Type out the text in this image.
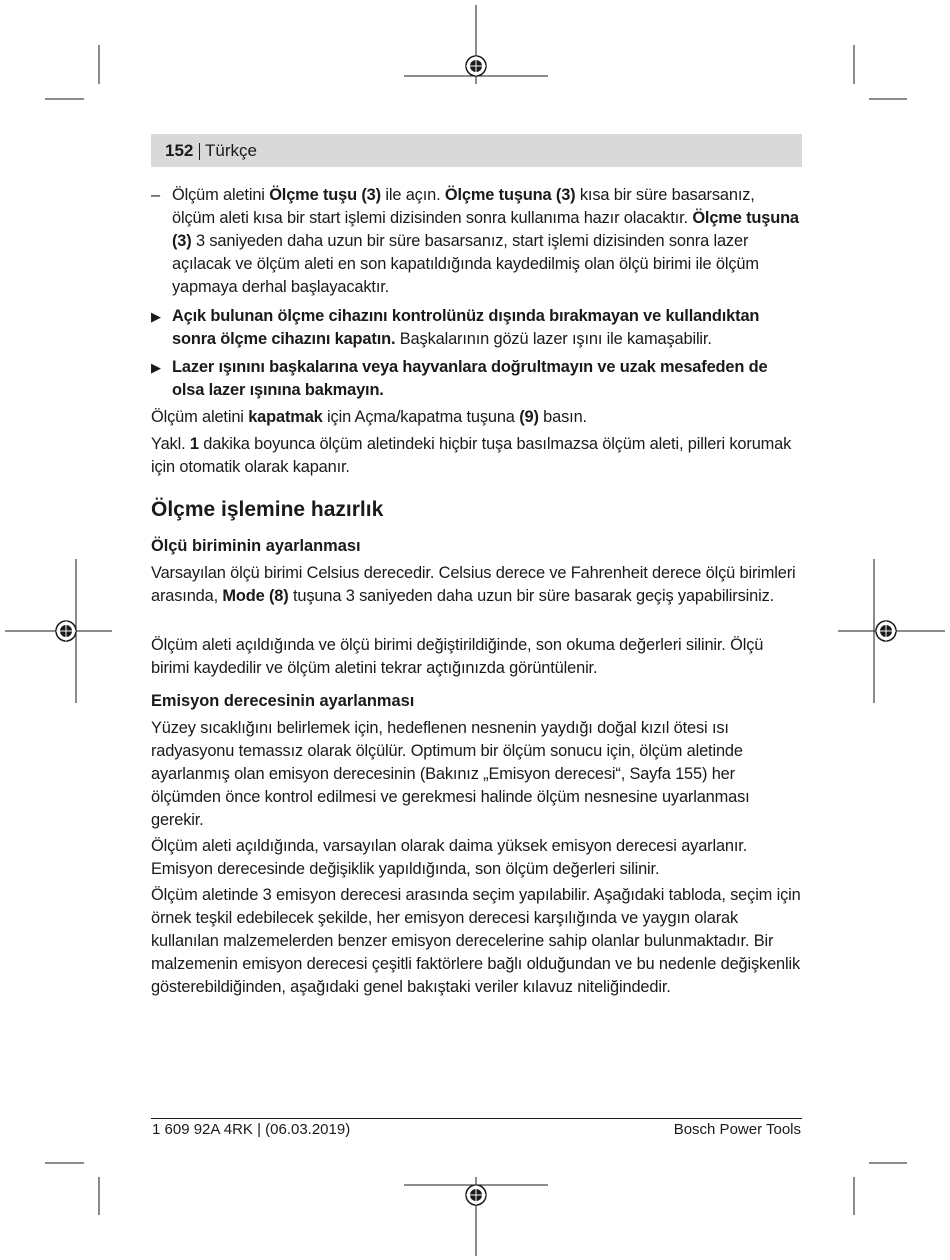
152 Türkçe
– Ölçüm aletini Ölçme tuşu (3) ile açın. Ölçme tuşuna (3) kısa bir süre basarsanız, ölçüm aleti kısa bir start işlemi dizisinden sonra kullanıma hazır olacaktır. Ölçme tuşuna (3) 3 saniyeden daha uzun bir süre basarsanız, start işlemi dizisinden sonra lazer açılacak ve ölçüm aleti en son kapatıldığında kaydedilmiş olan ölçü birimi ile ölçüm yapmaya derhal başlayacaktır.
▶ Açık bulunan ölçme cihazını kontrolünüz dışında bırakmayan ve kullandıktan sonra ölçme cihazını kapatın. Başkalarının gözü lazer ışını ile kamaşabilir.
▶ Lazer ışınını başkalarına veya hayvanlara doğrultmayın ve uzak mesafeden de olsa lazer ışınına bakmayın.
Ölçüm aletini kapatmak için Açma/kapatma tuşuna (9) basın.
Yakl. 1 dakika boyunca ölçüm aletindeki hiçbir tuşa basılmazsa ölçüm aleti, pilleri korumak için otomatik olarak kapanır.
Ölçme işlemine hazırlık
Ölçü biriminin ayarlanması
Varsayılan ölçü birimi Celsius derecedir. Celsius derece ve Fahrenheit derece ölçü birimleri arasında, Mode (8) tuşuna 3 saniyeden daha uzun bir süre basarak geçiş yapabilirsiniz.
Ölçüm aleti açıldığında ve ölçü birimi değiştirildiğinde, son okuma değerleri silinir. Ölçü birimi kaydedilir ve ölçüm aletini tekrar açtığınızda görüntülenir.
Emisyon derecesinin ayarlanması
Yüzey sıcaklığını belirlemek için, hedeflenen nesnenin yaydığı doğal kızıl ötesi ısı radyasyonu temassız olarak ölçülür. Optimum bir ölçüm sonucu için, ölçüm aletinde ayarlanmış olan emisyon derecesinin (Bakınız „Emisyon derecesi“, Sayfa 155) her ölçümden önce kontrol edilmesi ve gerekmesi halinde ölçüm nesnesine uyarlanması gerekir.
Ölçüm aleti açıldığında, varsayılan olarak daima yüksek emisyon derecesi ayarlanır. Emisyon derecesinde değişiklik yapıldığında, son ölçüm değerleri silinir.
Ölçüm aletinde 3 emisyon derecesi arasında seçim yapılabilir. Aşağıdaki tabloda, seçim için örnek teşkil edebilecek şekilde, her emisyon derecesi karşılığında ve yaygın olarak kullanılan malzemelerden benzer emisyon derecelerine sahip olanlar bulunmaktadır. Bir malzemenin emisyon derecesi çeşitli faktörlere bağlı olduğundan ve bu nedenle değişkenlik gösterebildiğinden, aşağıdaki genel bakıştaki veriler kılavuz niteliğindedir.
1 609 92A 4RK | (06.03.2019)	Bosch Power Tools
